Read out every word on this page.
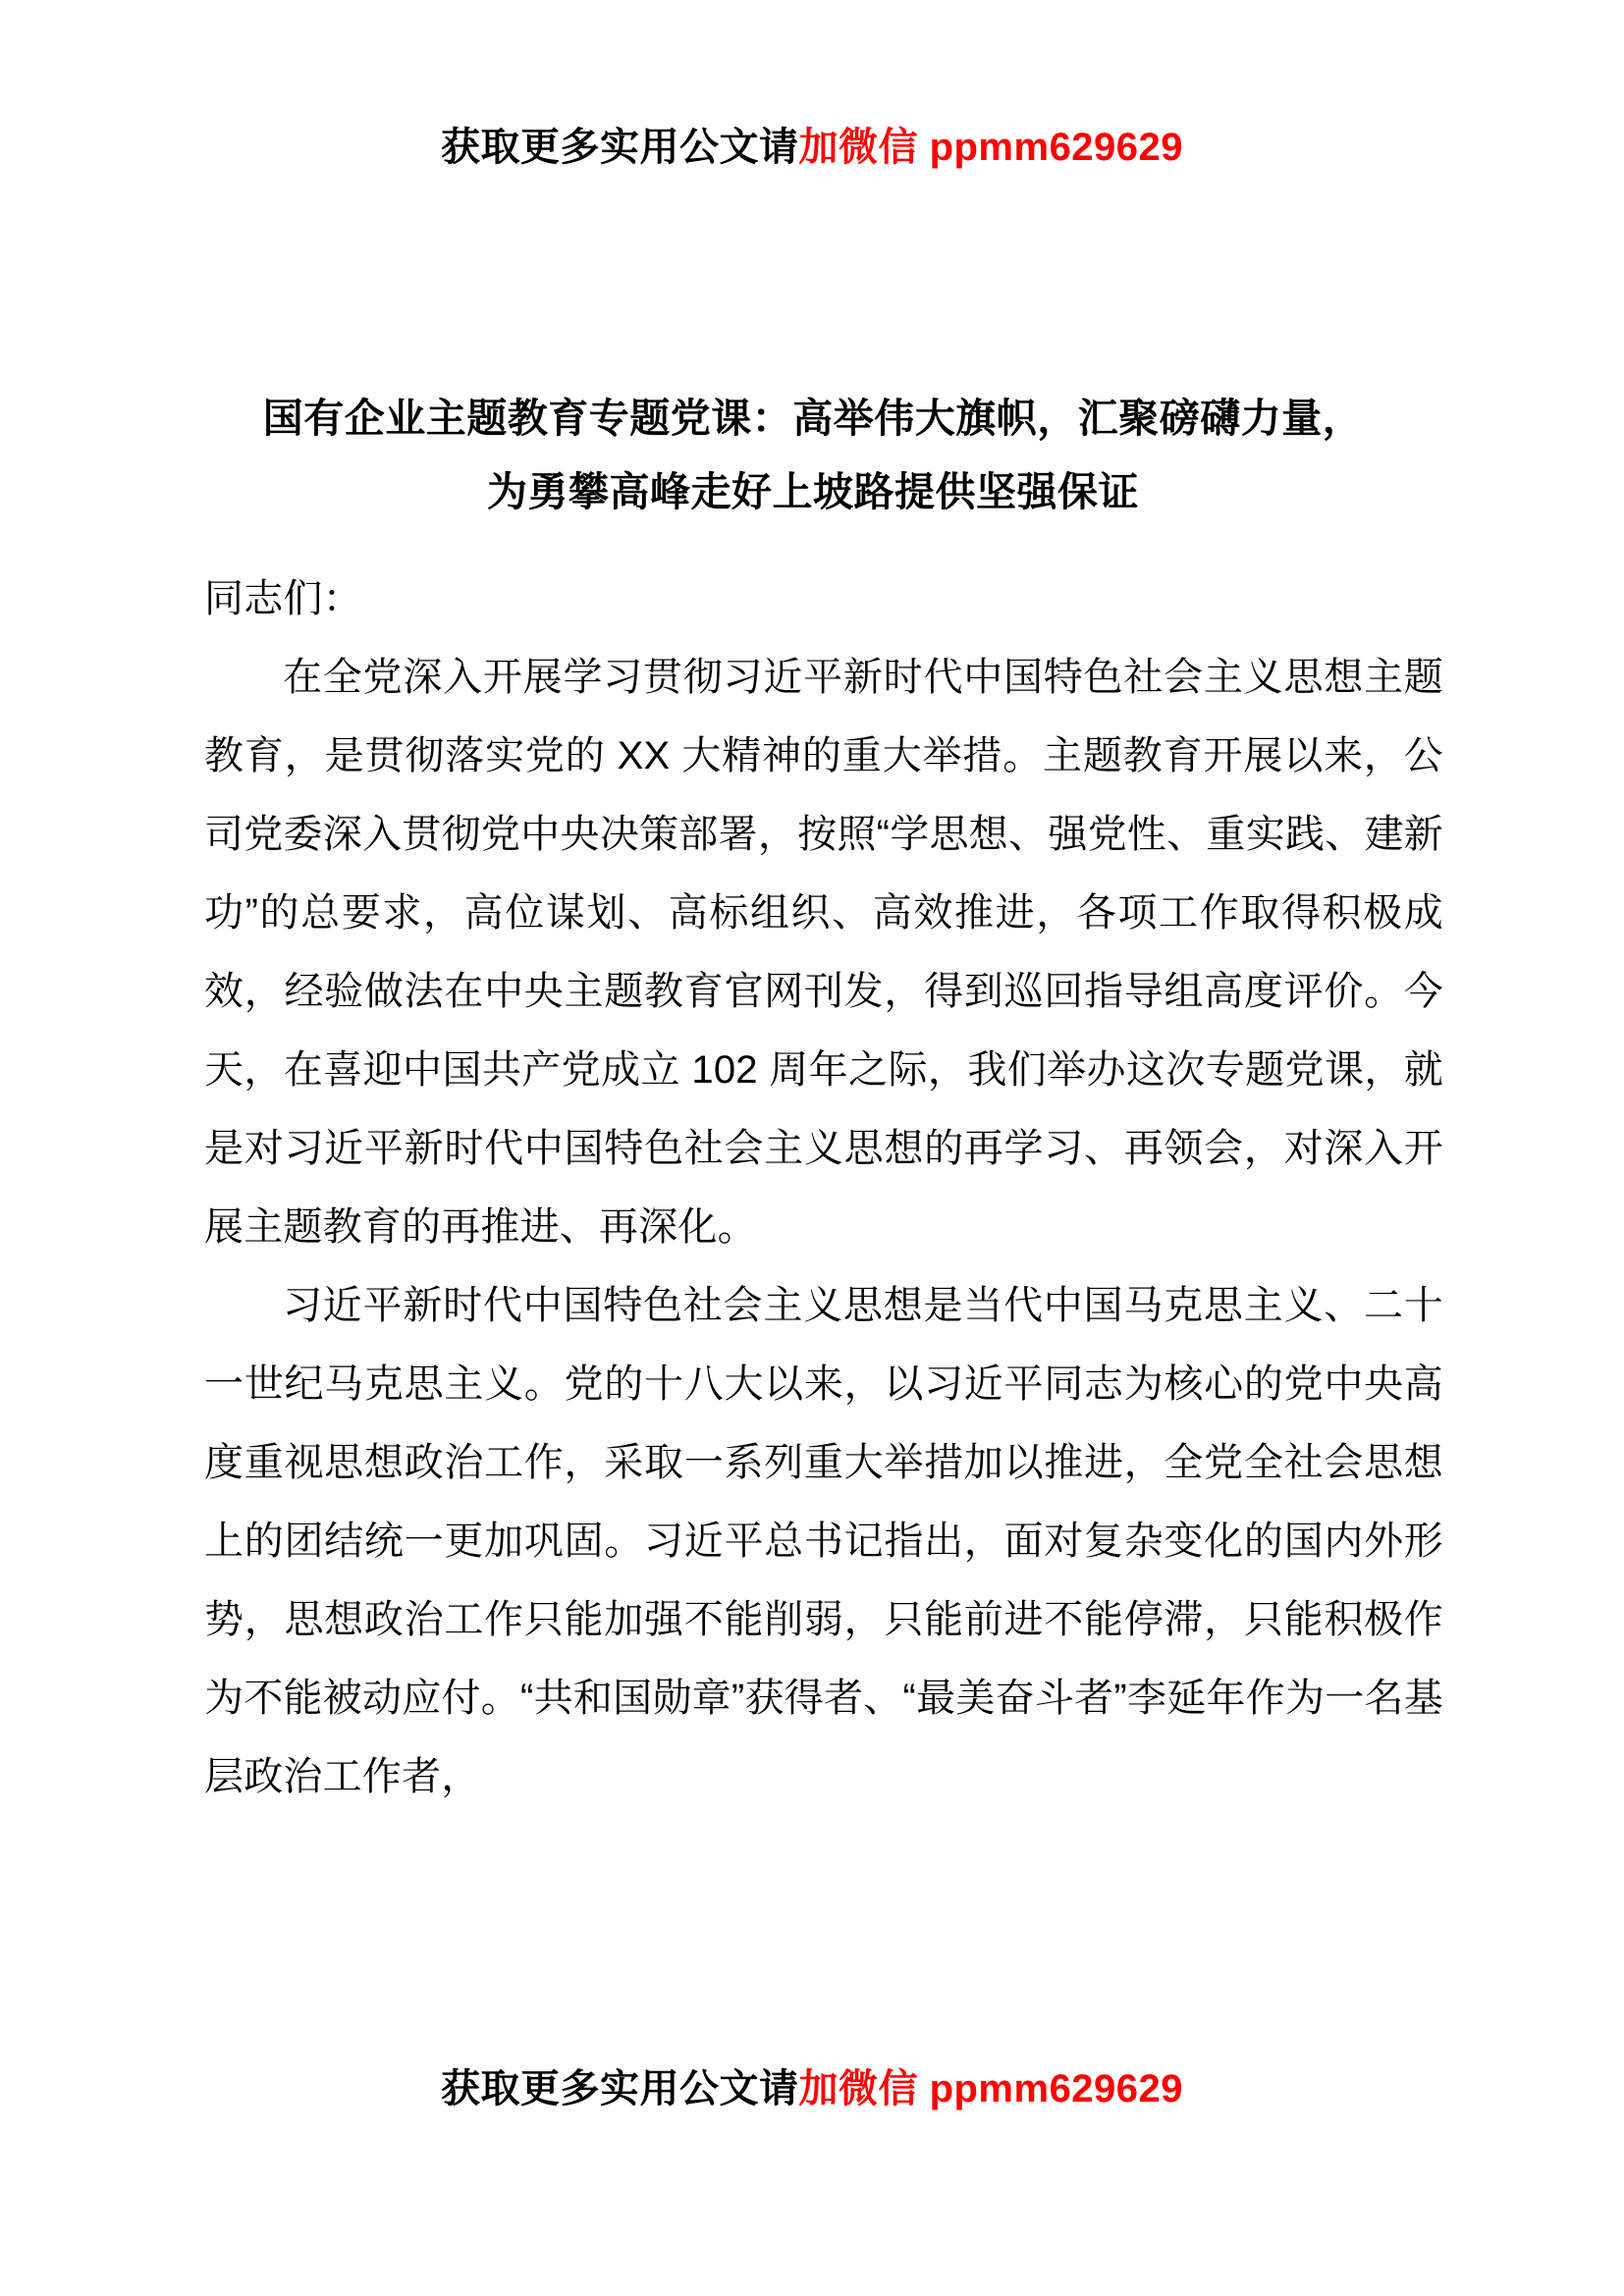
获取更多实用公文请加微信 ppmm629629
国有企业主题教育专题党课：高举伟大旗帜，汇聚磅礴力量，
为勇攀高峰走好上坡路提供坚强保证

同志们：

在全党深入开展学习贯彻习近平新时代中国特色社会主义思想主题教育，是贯彻落实党的 XX 大精神的重大举措。主题教育开展以来，公司党委深入贯彻党中央决策部署，按照“学思想、强党性、重实践、建新功”的总要求，高位谋划、高标组织、高效推进，各项工作取得积极成效，经验做法在中央主题教育官网刊发，得到巡回指导组高度评价。今天，在喜迎中国共产党成立 102 周年之际，我们举办这次专题党课，就是对习近平新时代中国特色社会主义思想的再学习、再领会，对深入开展主题教育的再推进、再深化。

习近平新时代中国特色社会主义思想是当代中国马克思主义、二十一世纪马克思主义。党的十八大以来，以习近平同志为核心的党中央高度重视思想政治工作，采取一系列重大举措加以推进，全党全社会思想上的团结统一更加巩固。习近平总书记指出，面对复杂变化的国内外形势，思想政治工作只能加强不能削弱，只能前进不能停滞，只能积极作为不能被动应付。“共和国勋章”获得者、“最美奋斗者”李延年作为一名基层政治工作者，

获取更多实用公文请加微信 ppmm629629
